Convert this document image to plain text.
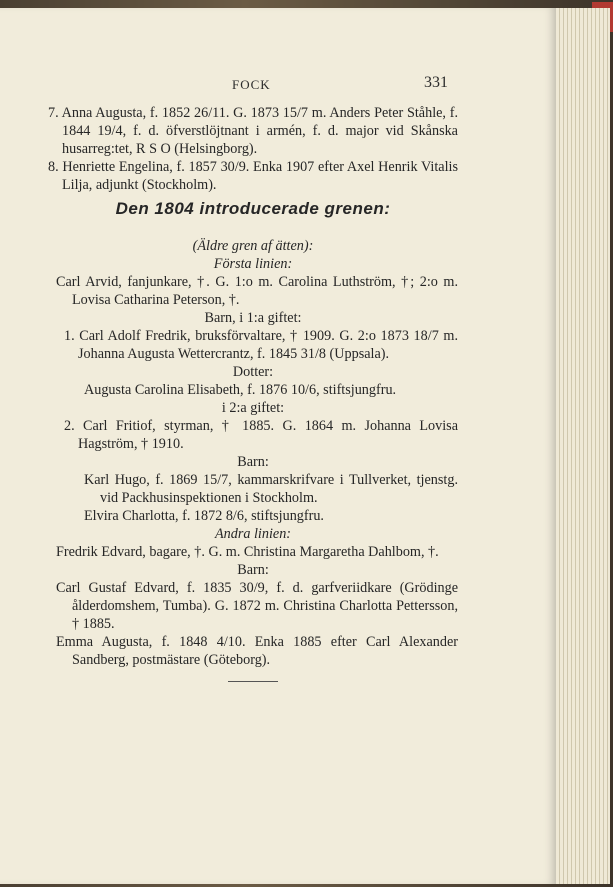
FOCK	331

7. Anna Augusta, f. 1852 26/11. G. 1873 15/7 m. Anders Peter Ståhle, f. 1844 19/4, f. d. öfverstlöjtnant i armén, f. d. major vid Skånska husarreg:tet, R S O (Helsingborg).

8. Henriette Engelina, f. 1857 30/9. Enka 1907 efter Axel Henrik Vitalis Lilja, adjunkt (Stockholm).

Den 1804 introducerade grenen:

(Äldre gren af ätten):

Första linien:

Carl Arvid, fanjunkare, †. G. 1:o m. Carolina Luthström, †; 2:o m. Lovisa Catharina Peterson, †.

Barn, i 1:a giftet:

1. Carl Adolf Fredrik, bruksförvaltare, † 1909. G. 2:o 1873 18/7 m. Johanna Augusta Wettercrantz, f. 1845 31/8 (Uppsala).

Dotter:

Augusta Carolina Elisabeth, f. 1876 10/6, stiftsjungfru.

i 2:a giftet:

2. Carl Fritiof, styrman, † 1885. G. 1864 m. Johanna Lovisa Hagström, † 1910.

Barn:

Karl Hugo, f. 1869 15/7, kammarskrifvare i Tullverket, tjenstg. vid Packhusinspektionen i Stockholm.

Elvira Charlotta, f. 1872 8/6, stiftsjungfru.

Andra linien:

Fredrik Edvard, bagare, †. G. m. Christina Margaretha Dahlbom, †.

Barn:

Carl Gustaf Edvard, f. 1835 30/9, f. d. garfveriidkare (Grödinge ålderdomshem, Tumba). G. 1872 m. Christina Charlotta Pettersson, † 1885.

Emma Augusta, f. 1848 4/10. Enka 1885 efter Carl Alexander Sandberg, postmästare (Göteborg).
